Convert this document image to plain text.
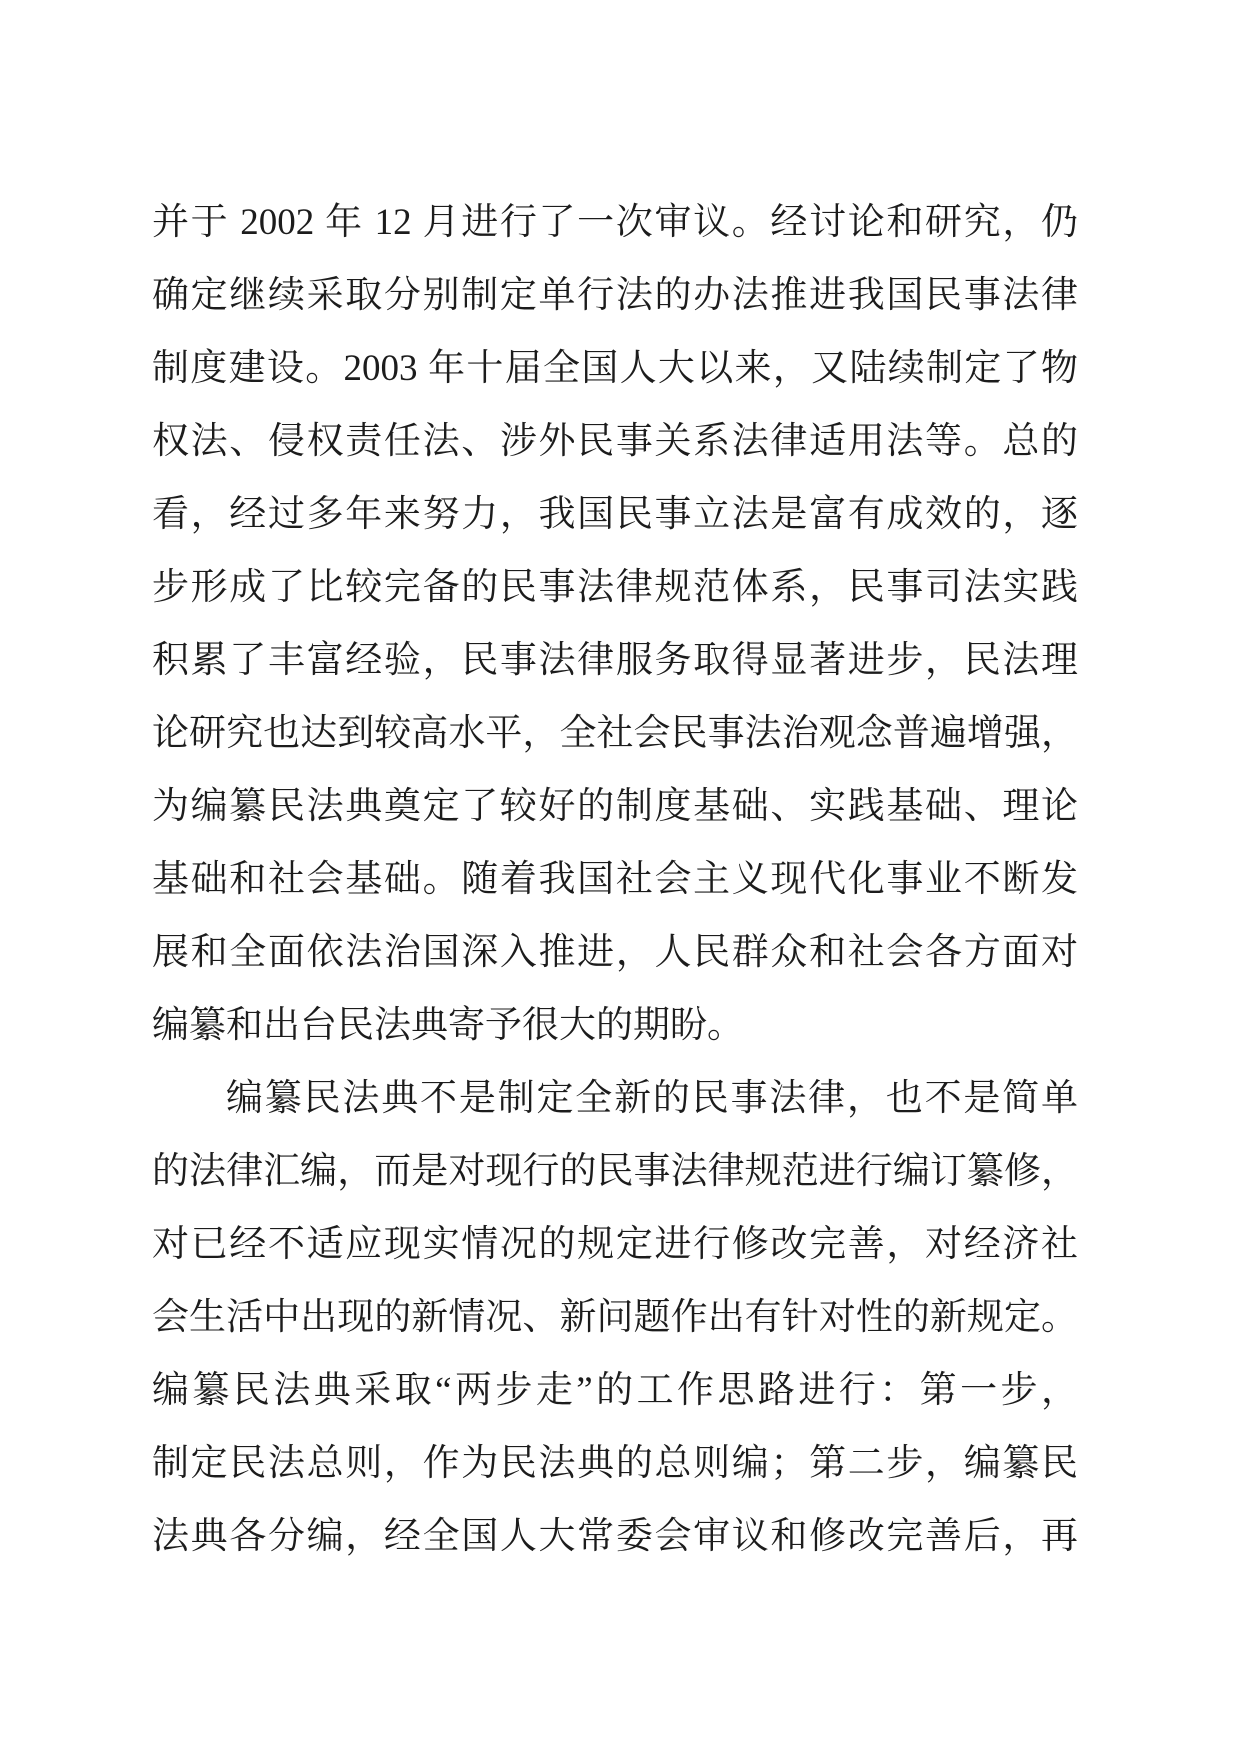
并于 2002 年 12 月进行了一次审议。经讨论和研究，仍
确定继续采取分别制定单行法的办法推进我国民事法律
制度建设。2003 年十届全国人大以来，又陆续制定了物
权法、侵权责任法、涉外民事关系法律适用法等。总的
看，经过多年来努力，我国民事立法是富有成效的，逐
步形成了比较完备的民事法律规范体系，民事司法实践
积累了丰富经验，民事法律服务取得显著进步，民法理
论研究也达到较高水平，全社会民事法治观念普遍增强，
为编纂民法典奠定了较好的制度基础、实践基础、理论
基础和社会基础。随着我国社会主义现代化事业不断发
展和全面依法治国深入推进，人民群众和社会各方面对
编纂和出台民法典寄予很大的期盼。
编纂民法典不是制定全新的民事法律，也不是简单
的法律汇编，而是对现行的民事法律规范进行编订纂修，
对已经不适应现实情况的规定进行修改完善，对经济社
会生活中出现的新情况、新问题作出有针对性的新规定。
编纂民法典采取“两步走”的工作思路进行：第一步，
制定民法总则，作为民法典的总则编；第二步，编纂民
法典各分编，经全国人大常委会审议和修改完善后，再
